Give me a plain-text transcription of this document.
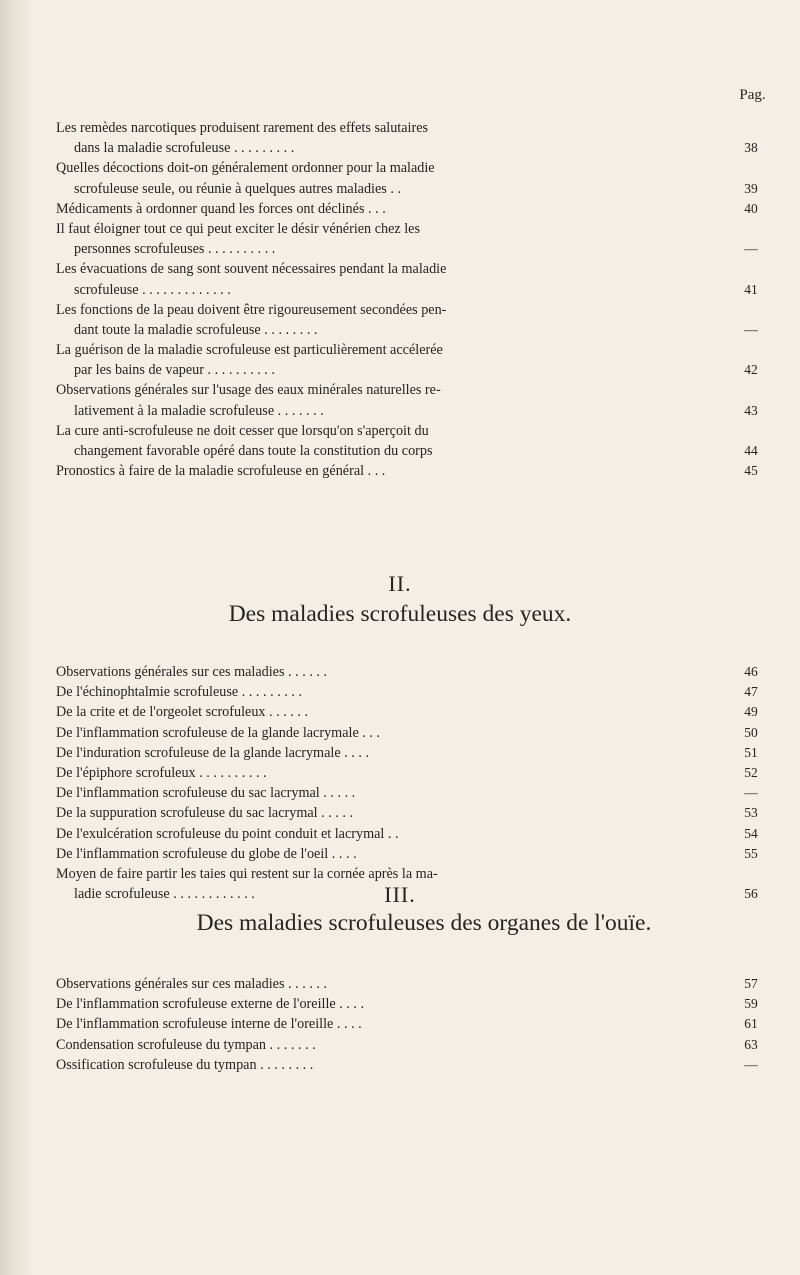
Pag.
Les remèdes narcotiques produisent rarement des effets salutaires
dans la maladie scrofuleuse . . . . . . . . .	38
Quelles décoctions doit-on généralement ordonner pour la maladie
scrofuleuse seule, ou réunie à quelques autres maladies . .	39
Médicaments à ordonner quand les forces ont déclinés . . .	40
Il faut éloigner tout ce qui peut exciter le désir vénérien chez les
personnes scrofuleuses . . . . . . . . . .	—
Les évacuations de sang sont souvent nécessaires pendant la maladie
scrofuleuse . . . . . . . . . . . . .	41
Les fonctions de la peau doivent être rigoureusement secondées pen-
dant toute la maladie scrofuleuse . . . . . . . .	—
La guérison de la maladie scrofuleuse est particulièrement accélerée
par les bains de vapeur . . . . . . . . . .	42
Observations générales sur l'usage des eaux minérales naturelles re-
lativement à la maladie scrofuleuse . . . . . . .	43
La cure anti-scrofuleuse ne doit cesser que lorsqu'on s'aperçoit du
changement favorable opéré dans toute la constitution du corps	44
Pronostics à faire de la maladie scrofuleuse en général . . .	45
II.
Des maladies scrofuleuses des yeux.
Observations générales sur ces maladies . . . . . .	46
De l'échinophtalmie scrofuleuse . . . . . . . . .	47
De la crite et de l'orgeolet scrofuleux . . . . . .	49
De l'inflammation scrofuleuse de la glande lacrymale . . .	50
De l'induration scrofuleuse de la glande lacrymale . . . .	51
De l'épiphore scrofuleux . . . . . . . . . .	52
De l'inflammation scrofuleuse du sac lacrymal . . . . .	—
De la suppuration scrofuleuse du sac lacrymal . . . . .	53
De l'exulcération scrofuleuse du point conduit et lacrymal . .	54
De l'inflammation scrofuleuse du globe de l'oeil . . . .	55
Moyen de faire partir les taies qui restent sur la cornée après la ma-
ladie scrofuleuse . . . . . . . . . . . .	56
III.
Des maladies scrofuleuses des organes de l'ouïe.
Observations générales sur ces maladies . . . . . .	57
De l'inflammation scrofuleuse externe de l'oreille . . . .	59
De l'inflammation scrofuleuse interne de l'oreille . . . .	61
Condensation scrofuleuse du tympan . . . . . . .	63
Ossification scrofuleuse du tympan . . . . . . . .	—
